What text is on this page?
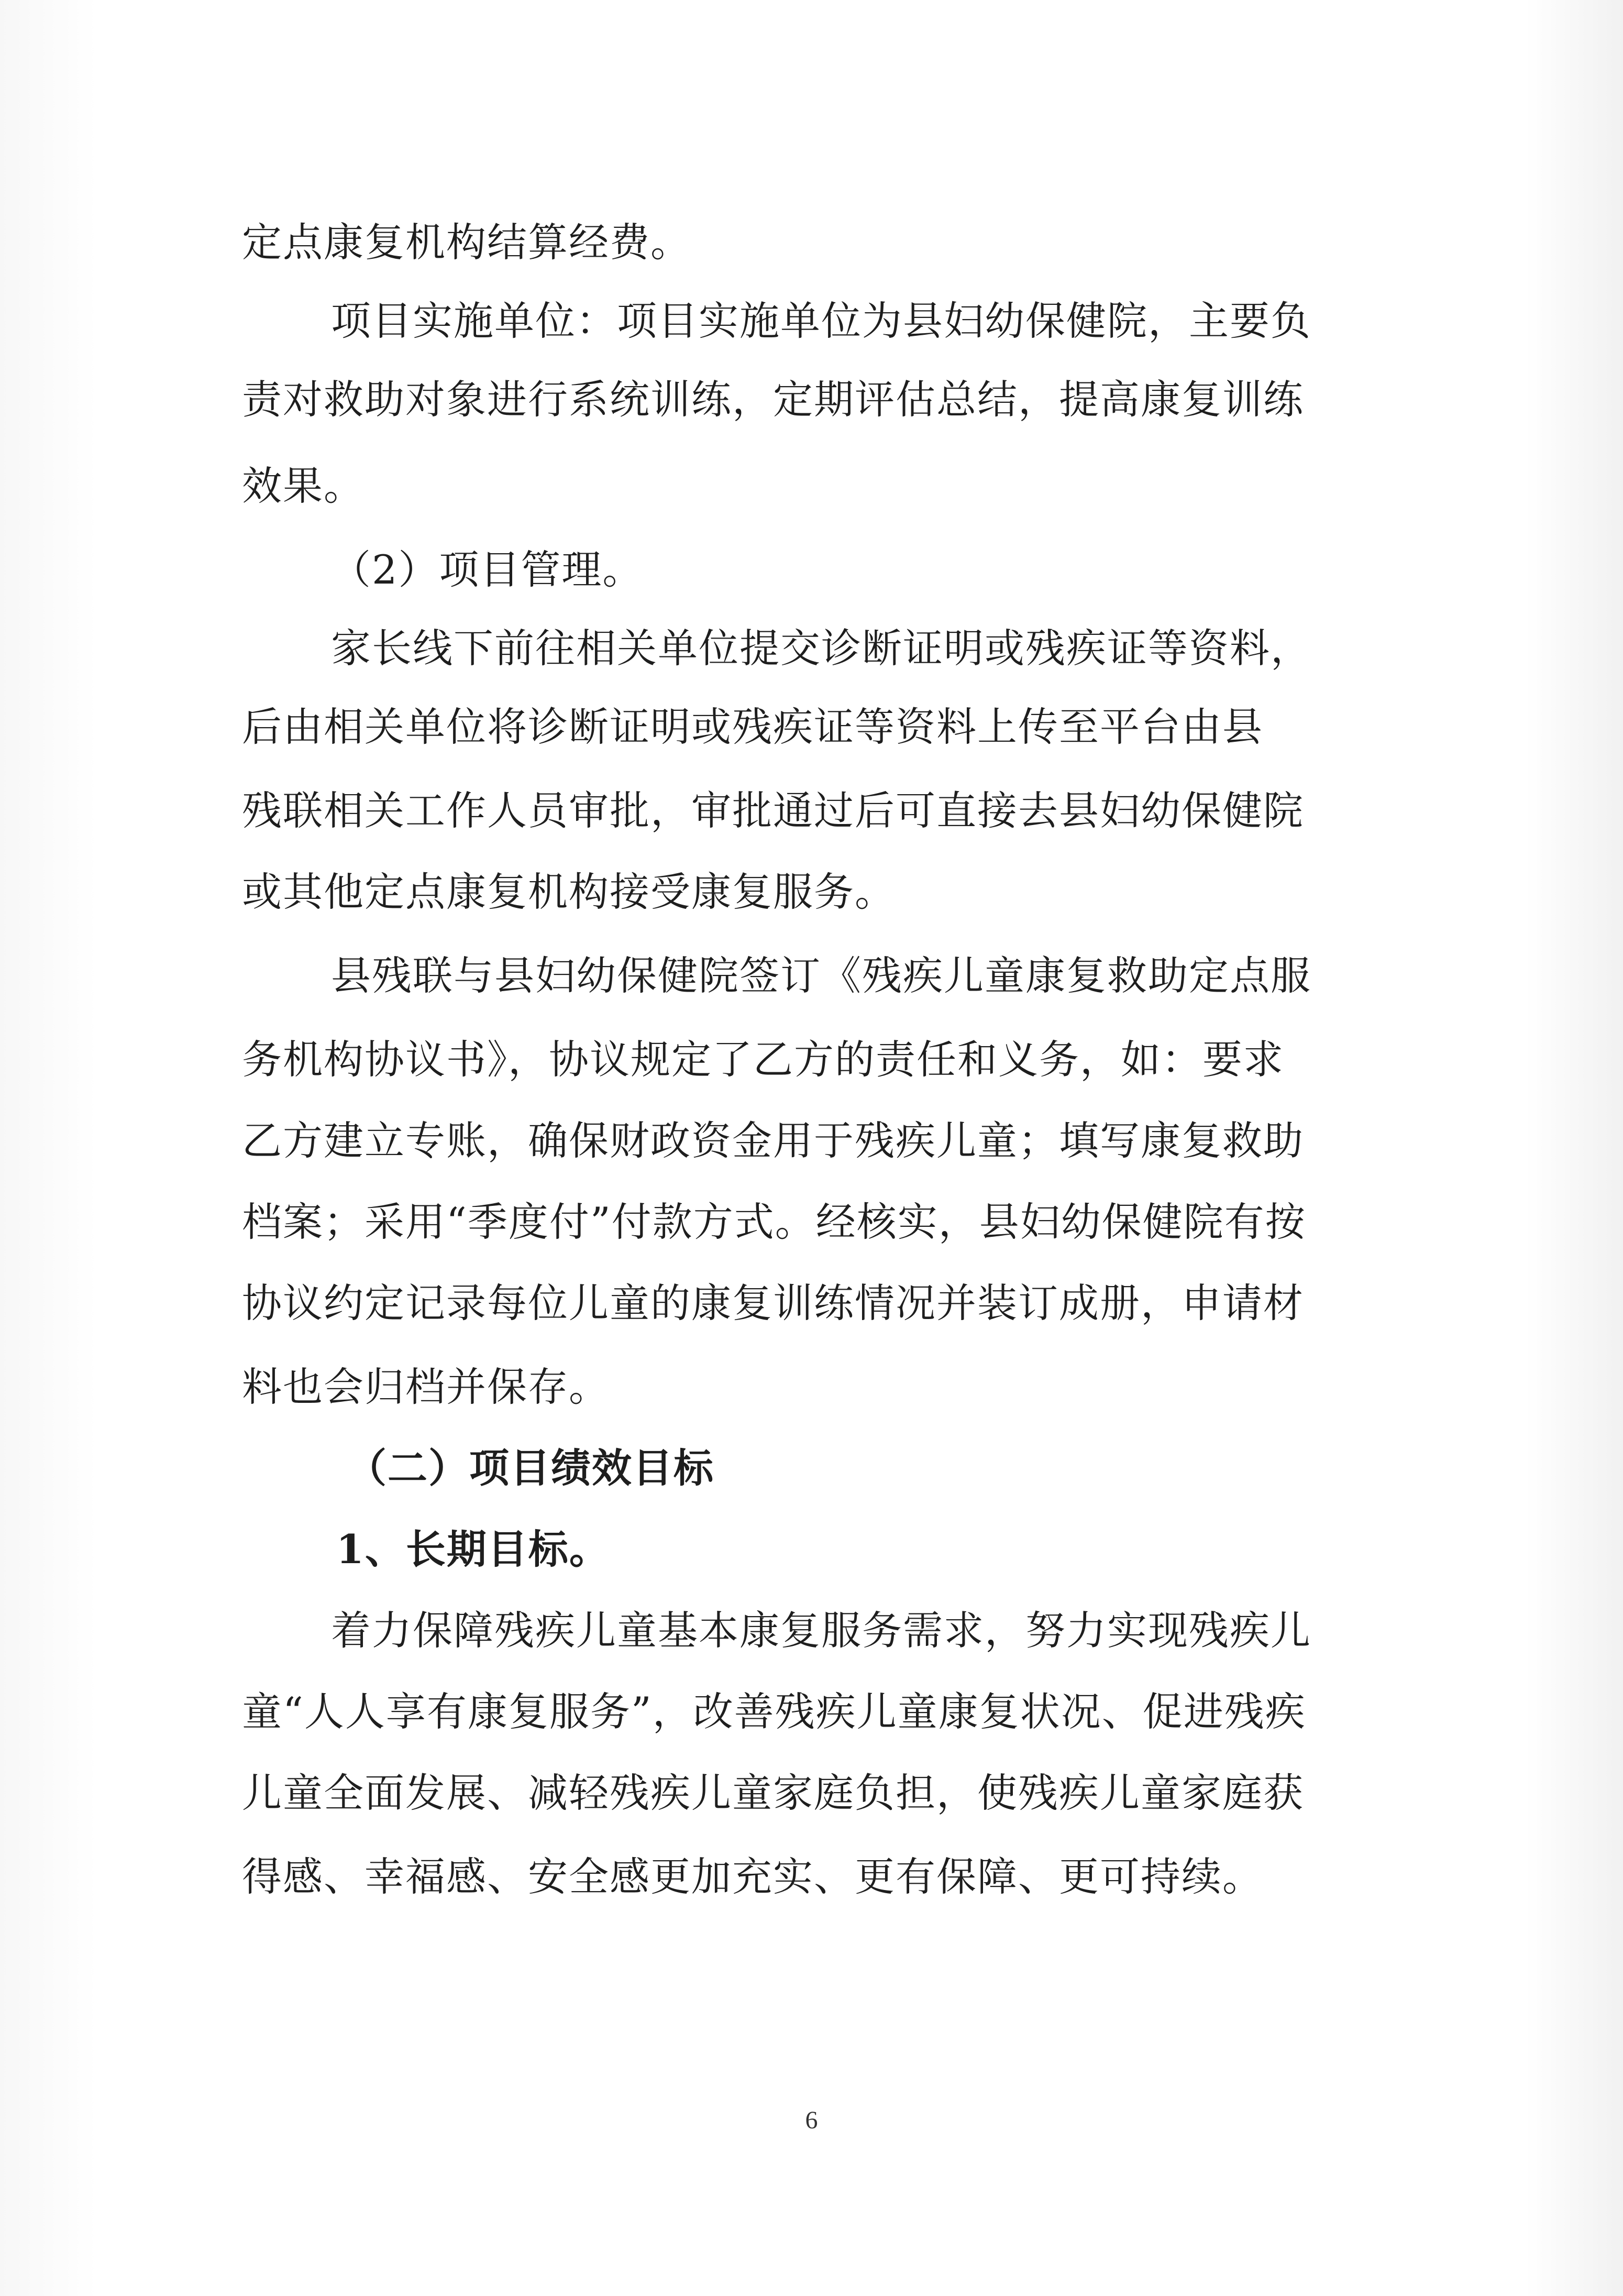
定点康复机构结算经费。
项目实施单位：项目实施单位为县妇幼保健院，主要负
责对救助对象进行系统训练，定期评估总结，提高康复训练
效果。
（2）项目管理。
家长线下前往相关单位提交诊断证明或残疾证等资料，
后由相关单位将诊断证明或残疾证等资料上传至平台由县
残联相关工作人员审批，审批通过后可直接去县妇幼保健院
或其他定点康复机构接受康复服务。
县残联与县妇幼保健院签订《残疾儿童康复救助定点服
务机构协议书》，协议规定了乙方的责任和义务，如：要求
乙方建立专账，确保财政资金用于残疾儿童；填写康复救助
档案；采用“季度付”付款方式。经核实，县妇幼保健院有按
协议约定记录每位儿童的康复训练情况并装订成册，申请材
料也会归档并保存。
（二）项目绩效目标
1、长期目标。
着力保障残疾儿童基本康复服务需求，努力实现残疾儿
童“人人享有康复服务”，改善残疾儿童康复状况、促进残疾
儿童全面发展、减轻残疾儿童家庭负担，使残疾儿童家庭获
得感、幸福感、安全感更加充实、更有保障、更可持续。
6
